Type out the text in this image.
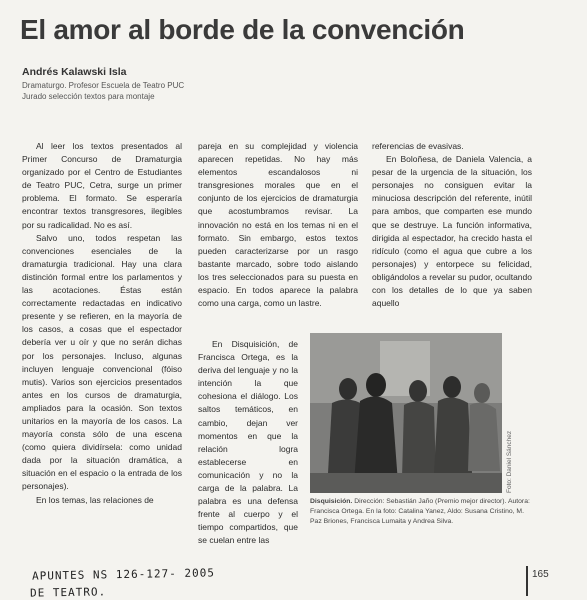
El amor al borde de la convención
Andrés Kalawski Isla
Dramaturgo. Profesor Escuela de Teatro PUC
Jurado selección textos para montaje

Al leer los textos presentados al Primer Concurso de Dramaturgia organizado por el Centro de Estudiantes de Teatro PUC, Cetra, surge un primer problema. El formato. Se esperaría encontrar textos transgresores, ilegibles por su radicalidad. No es así.

Salvo uno, todos respetan las convenciones esenciales de la dramaturgia tradicional. Hay una clara distinción formal entre los parlamentos y las acotaciones. Éstas están correctamente redactadas en indicativo presente y se refieren, en la mayoría de los casos, a cosas que el espectador debería ver u oír y que no serán dichas por los personajes. Incluso, algunas incluyen lenguaje convencional (fóiso mutis). Varios son ejercicios presentados antes en los cursos de dramaturgia, ampliados para la ocasión. Son textos unitarios en la mayoría de los casos. La mayoría consta sólo de una escena (como quiera dividírsela: como unidad dada por la situación dramática, a situación en el espacio o la entrada de los personajes).

En los temas, las relaciones de

pareja en su complejidad y violencia aparecen repetidas. No hay más elementos escandalosos ni transgresiones morales que en el conjunto de los ejercicios de dramaturgia que acostumbramos revisar. La innovación no está en los temas ni en el formato. Sin embargo, estos textos pueden caracterizarse por un rasgo bastante marcado, sobre todo aislando los tres seleccionados para su puesta en espacio. En todos aparece la palabra como una carga, como un lastre.

En Disquisición, de Francisca Ortega, es la deriva del lenguaje y no la intención la que cohesiona el diálogo. Los saltos temáticos, en cambio, dejan ver momentos en que la relación logra establecerse en comunicación y no la carga de la palabra. La palabra es una defensa frente al cuerpo y el tiempo compartidos, que se cuelan entre las

referencias de evasivas.

En Boloñesa, de Daniela Valencia, a pesar de la urgencia de la situación, los personajes no consiguen evitar la minuciosa descripción del referente, inútil para ambos, que comparten ese mundo que se destruye. La función informativa, dirigida al espectador, ha crecido hasta el ridículo (como el agua que cubre a los personajes) y entorpece su felicidad, obligándolos a revelar su pudor, ocultando con los detalles de lo que ya saben aquello

Foto: Daniel Sánchez
Disquisición. Dirección: Sebastián Jaño (Premio mejor director). Autora: Francisca Ortega. En la foto: Catalina Yanez, Aldo: Susana Cristino, M. Paz Briones, Francisca Lumaita y Andrea Silva.
APUNTES NS 126-127- 2005
DE TEATRO.
165
